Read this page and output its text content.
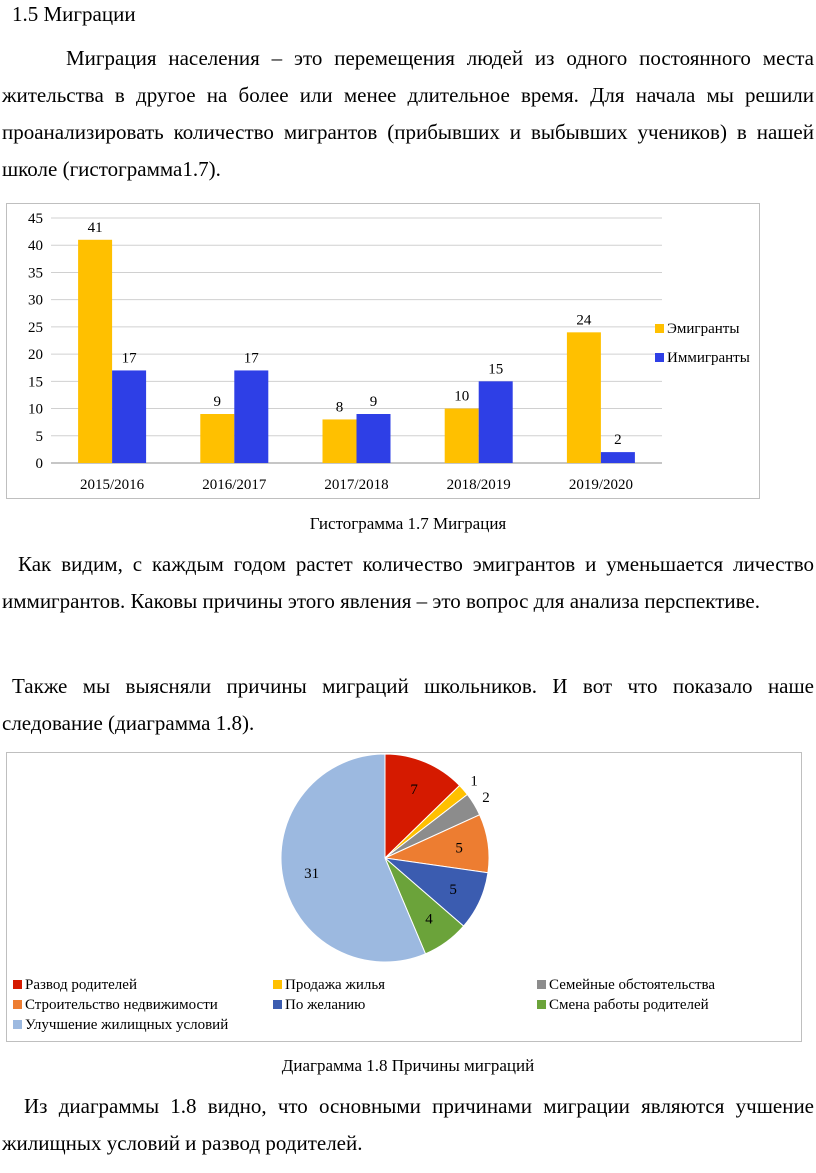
1.5 Миграции

Миграция населения – это перемещения людей из одного постоянного места жительства в другое на более или менее длительное время. Для начала мы решили проанализировать количество мигрантов (прибывших и выбывших учеников) в нашей школе (гистограмма1.7).

0
5
10
15
20
25
30
35
40
45
2015/2016
41
17
2016/2017
9
17
2017/2018
8 9
2018/2019
10
15
2019/2020
24
2
Эмигранты
Иммигранты
Гистограмма 1.7 Миграция

Как видим, с каждым годом растет количество эмигрантов и уменьшается личество иммигрантов. Каковы причины этого явления – это вопрос для анализа перспективе.

Также мы выясняли причины миграций школьников. И вот что показало наше следование (диаграмма 1.8).

7
1
2
5
5
4
31
Развод родителей	Продажа жилья	Семейные обстоятельства
Строительство недвижимости	По желанию	Смена работы родителей
Улучшение жилищных условий
Диаграмма 1.8 Причины миграций

Из диаграммы 1.8 видно, что основными причинами миграции являются учшение жилищных условий и развод родителей.
